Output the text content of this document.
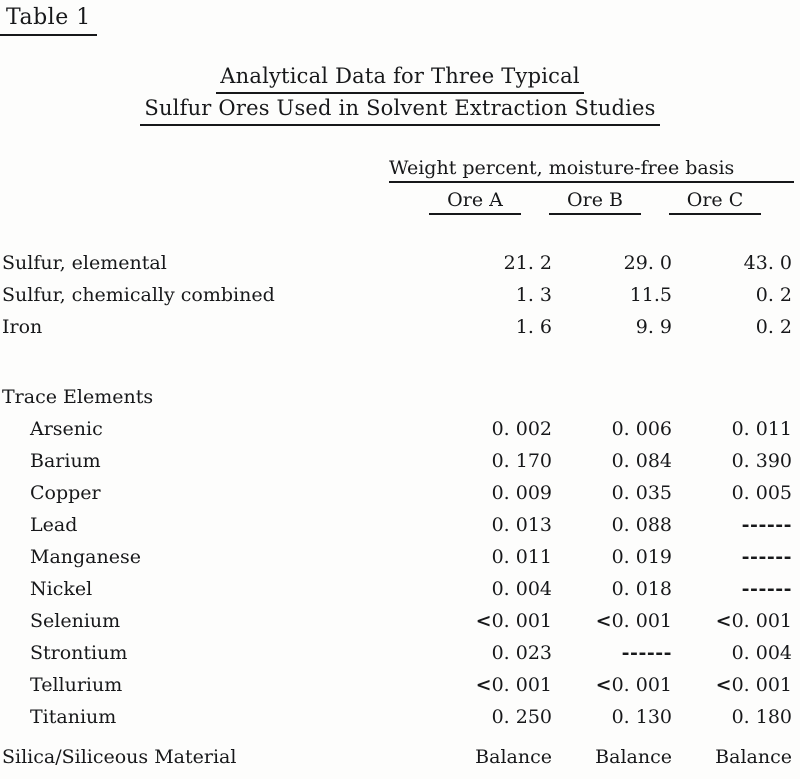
Table 1
Analytical Data for Three Typical
Sulfur Ores Used in Solvent Extraction Studies
Weight percent, moisture-free basis
Ore A	Ore B	Ore C
Sulfur, elemental	21. 2	29. 0	43. 0
Sulfur, chemically combined	1. 3	11.5	0. 2
Iron	1. 6	9. 9	0. 2
Trace Elements
Arsenic	0. 002	0. 006	0. 011
Barium	0. 170	0. 084	0. 390
Copper	0. 009	0. 035	0. 005
Lead	0. 013	0. 088	------
Manganese	0. 011	0. 019	------
Nickel	0. 004	0. 018	------
Selenium	<0. 001	<0. 001	<0. 001
Strontium	0. 023	------	0. 004
Tellurium	<0. 001	<0. 001	<0. 001
Titanium	0. 250	0. 130	0. 180
Silica/Siliceous Material	Balance	Balance	Balance
